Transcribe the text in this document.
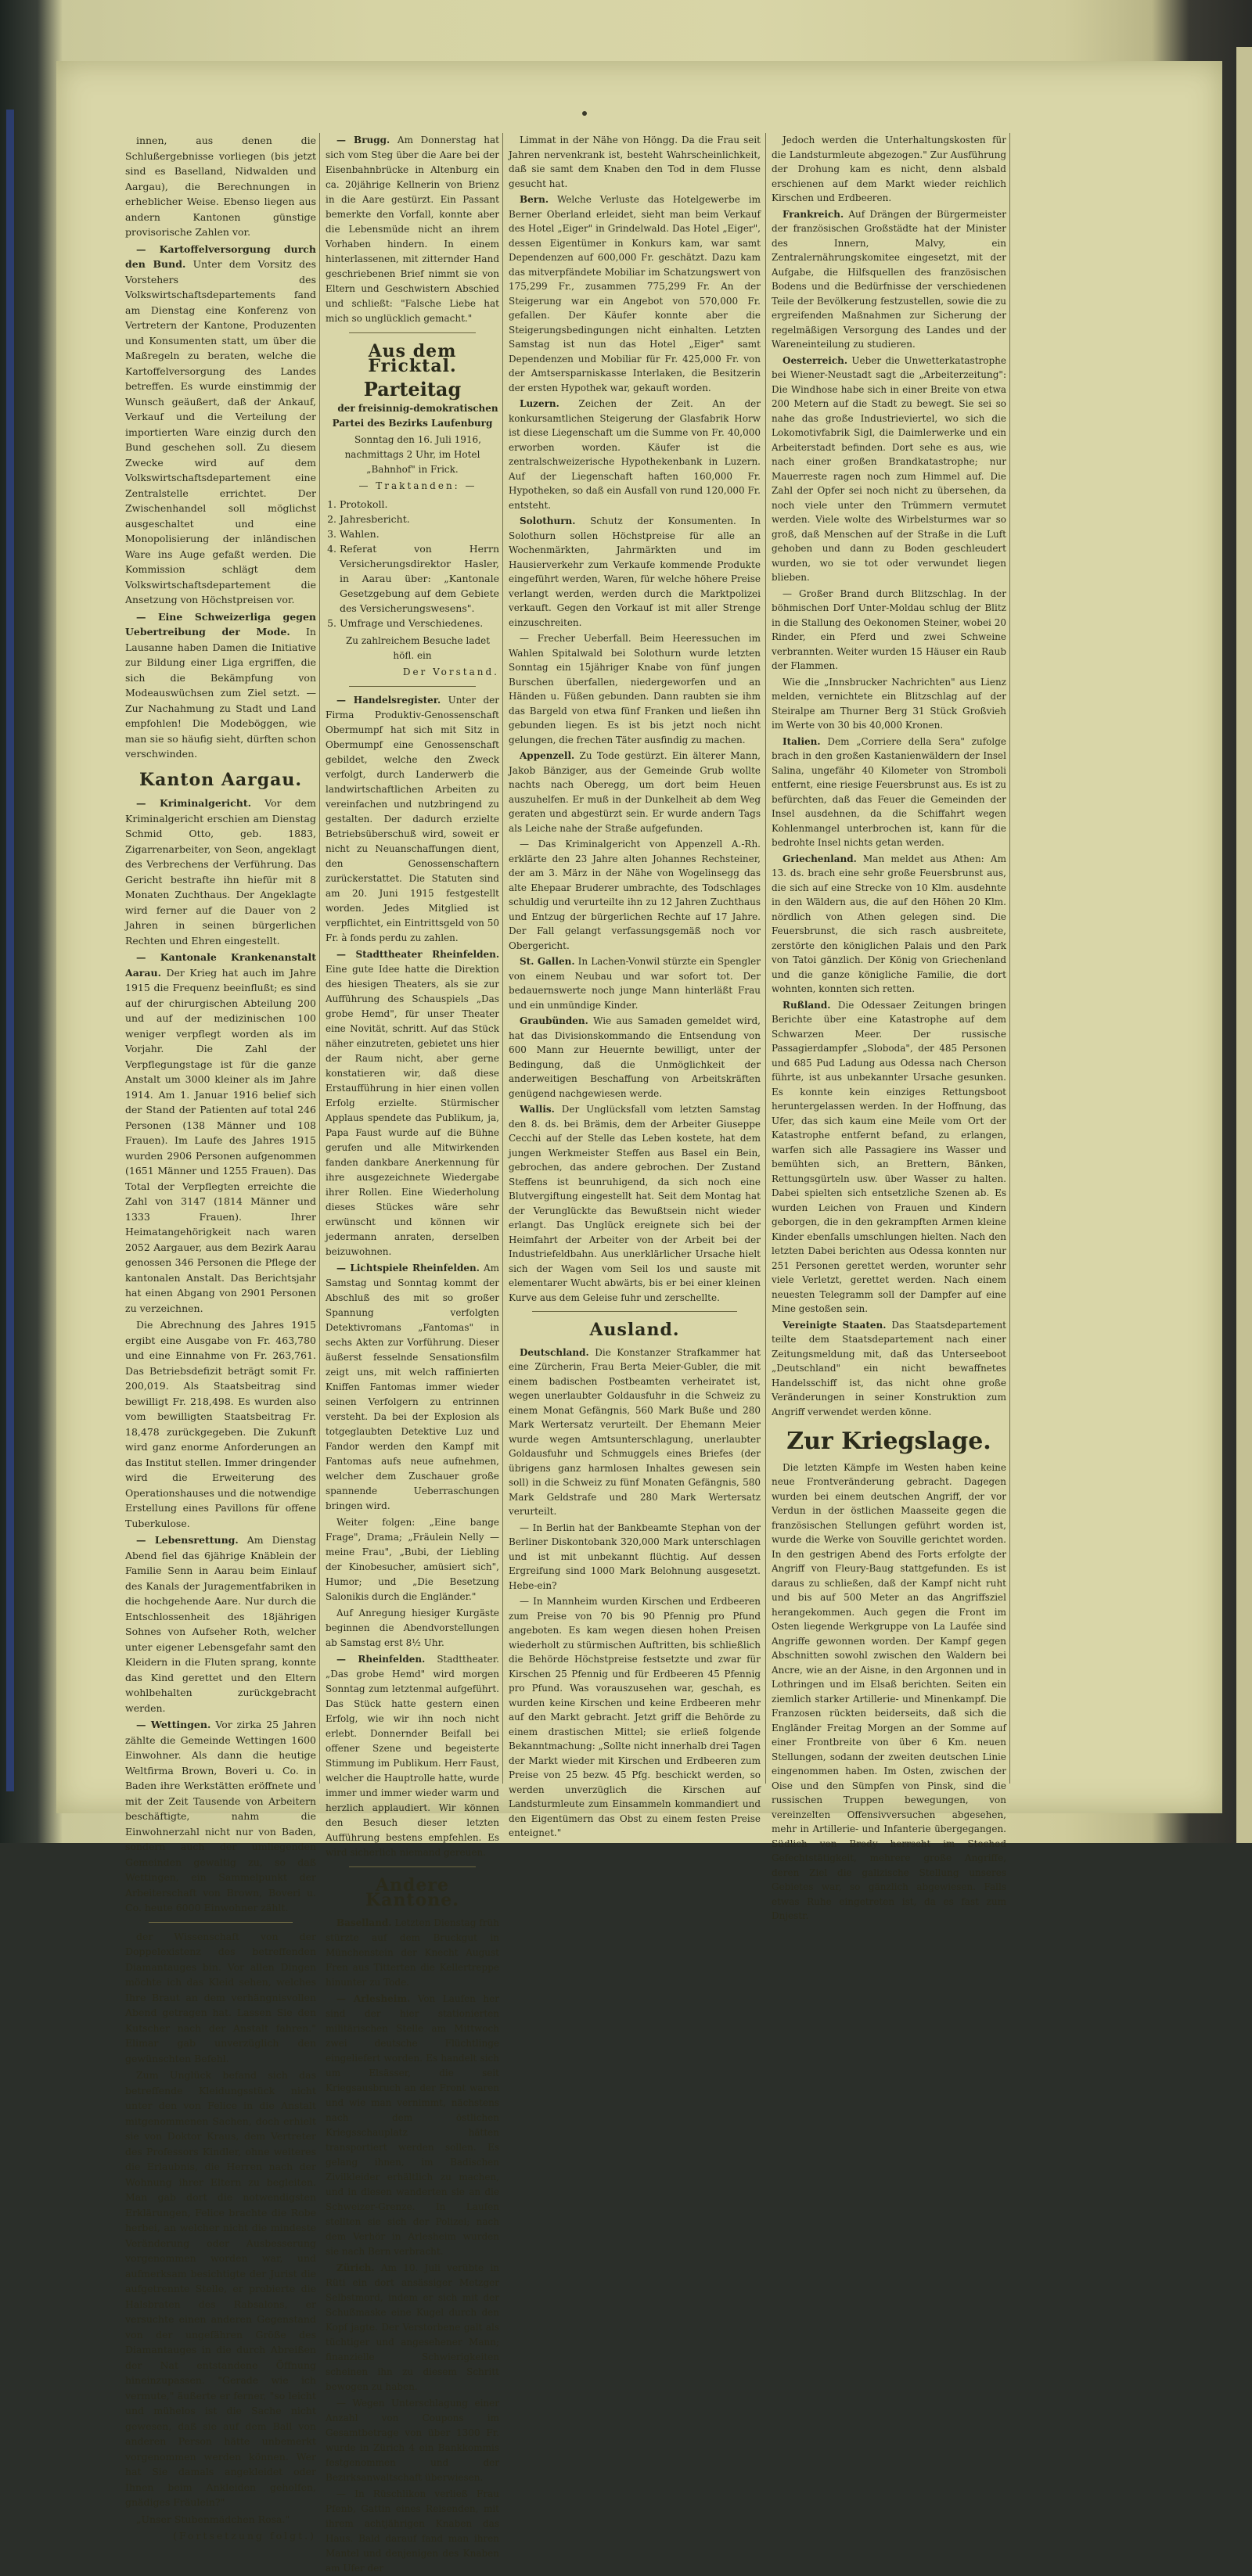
innen, aus denen die Schlußergebnisse vorliegen (bis jetzt sind es Baselland, Nidwalden und Aargau), die Berechnungen in erheblicher Weise. Ebenso liegen aus andern Kantonen günstige provisorische Zahlen vor.

— Kartoffelversorgung durch den Bund. Unter dem Vorsitz des Vorstehers des Volkswirtschaftsdepartements fand am Dienstag eine Konferenz von Vertretern der Kantone, Produzenten und Konsumenten statt, um über die Maßregeln zu beraten, welche die Kartoffelversorgung des Landes betreffen. Es wurde einstimmig der Wunsch geäußert, daß der Ankauf, Verkauf und die Verteilung der importierten Ware einzig durch den Bund geschehen soll. Zu diesem Zwecke wird auf dem Volkswirtschaftsdepartement eine Zentralstelle errichtet. Der Zwischenhandel soll möglichst ausgeschaltet und eine Monopolisierung der inländischen Ware ins Auge gefaßt werden. Die Kommission schlägt dem Volkswirtschaftsdepartement die Ansetzung von Höchstpreisen vor.

— Eine Schweizerliga gegen Uebertreibung der Mode. In Lausanne haben Damen die Initiative zur Bildung einer Liga ergriffen, die sich die Bekämpfung von Modeauswüchsen zum Ziel setzt. — Zur Nachahmung zu Stadt und Land empfohlen! Die Modeböggen, wie man sie so häufig sieht, dürften schon verschwinden.

Kanton Aargau.

— Kriminalgericht. Vor dem Kriminalgericht erschien am Dienstag Schmid Otto, geb. 1883, Zigarrenarbeiter, von Seon, angeklagt des Verbrechens der Verführung. Das Gericht bestrafte ihn hiefür mit 8 Monaten Zuchthaus. Der Angeklagte wird ferner auf die Dauer von 2 Jahren in seinen bürgerlichen Rechten und Ehren eingestellt.

— Kantonale Krankenanstalt Aarau. Der Krieg hat auch im Jahre 1915 die Frequenz beeinflußt; es sind auf der chirurgischen Abteilung 200 und auf der medizinischen 100 weniger verpflegt worden als im Vorjahr. Die Zahl der Verpflegungstage ist für die ganze Anstalt um 3000 kleiner als im Jahre 1914. Am 1. Januar 1916 belief sich der Stand der Patienten auf total 246 Personen (138 Männer und 108 Frauen). Im Laufe des Jahres 1915 wurden 2906 Personen aufgenommen (1651 Männer und 1255 Frauen). Das Total der Verpflegten erreichte die Zahl von 3147 (1814 Männer und 1333 Frauen). Ihrer Heimatangehörigkeit nach waren 2052 Aargauer, aus dem Bezirk Aarau genossen 346 Personen die Pflege der kantonalen Anstalt. Das Berichtsjahr hat einen Abgang von 2901 Personen zu verzeichnen.

Die Abrechnung des Jahres 1915 ergibt eine Ausgabe von Fr. 463,780 und eine Einnahme von Fr. 263,761. Das Betriebsdefizit beträgt somit Fr. 200,019. Als Staatsbeitrag sind bewilligt Fr. 218,498. Es wurden also vom bewilligten Staatsbeitrag Fr. 18,478 zurückgegeben. Die Zukunft wird ganz enorme Anforderungen an das Institut stellen. Immer dringender wird die Erweiterung des Operationshauses und die notwendige Erstellung eines Pavillons für offene Tuberkulose.

— Lebensrettung. Am Dienstag Abend fiel das 6jährige Knäblein der Familie Senn in Aarau beim Einlauf des Kanals der Juragementfabriken in die hochgehende Aare. Nur durch die Entschlossenheit des 18jährigen Sohnes von Aufseher Roth, welcher unter eigener Lebensgefahr samt den Kleidern in die Fluten sprang, konnte das Kind gerettet und den Eltern wohlbehalten zurückgebracht werden.

— Wettingen. Vor zirka 25 Jahren zählte die Gemeinde Wettingen 1600 Einwohner. Als dann die heutige Weltfirma Brown, Boveri u. Co. in Baden ihre Werkstätten eröffnete und mit der Zeit Tausende von Arbeitern beschäftigte, nahm die Einwohnerzahl nicht nur von Baden, sondern auch der umliegenden Gemeinden gewaltig zu, so daß Wettingen, ein Sammelpunkt der Arbeiterschaft von Brown, Boveri u. Co. heute 6000 Einwohner zählt.

der Wissenschaft von der Doppelexistenz des betreffenden Diamantauges bin. Vor allen Dingen möchte ich das Kleid sehen, welches Ihre Braut an dem verhängnisvollen Abend getragen hat. Lassen Sie den Kutscher nach der Anstalt fahren." Elimar gab unverzüglich den gewünschten Befehl.

Zum Unglück befand sich das betreffende Kleidungsstück nicht unter den von Felice in die Anstalt mitgenommenen Sachen, doch erhielt sie von Doktor Kraus, dem Vertreter des Professors Kindler, ohne weiteres die Erlaubnis, die Herren nach der Wohnung ihrer Eltern zu begleiten. Man gab dort die notwendigsten Erklärungen, Felice brachte die Robe herbei, an welcher nicht die mindeste Veränderung oder Ausbesserung vorgenommen worden war, und aufmerksam besichtigte der Jurist die aufgetrennte Stelle, er probierte die Halsbraten des Rabsalons, er versuchte einen anderen Gegenstand von der ungefähren Größe des Diamantauges in die durch Abreißen der Nat entstandene Öffnung hineinzupassen. "Gerade wie ich vermute," äußerte er ferner, "so leicht und mühelos ist die Sache nicht gewesen, daß sie auf dem Ball von anderen Person hätte unbemerkt vorgenommen werden können. Wer hat Sie damals angekleidet oder Ihnen beim Ankleiden geholfen, gnädiges Fräulein?"

„Unser Stubenmädchen Rosa."

(Fortsetzung folgt.)

— Brugg. Am Donnerstag hat sich vom Steg über die Aare bei der Eisenbahnbrücke in Altenburg ein ca. 20jährige Kellnerin von Brienz in die Aare gestürzt. Ein Passant bemerkte den Vorfall, konnte aber die Lebensmüde nicht an ihrem Vorhaben hindern. In einem hinterlassenen, mit zitternder Hand geschriebenen Brief nimmt sie von Eltern und Geschwistern Abschied und schließt: "Falsche Liebe hat mich so unglücklich gemacht."

Aus dem Fricktal.
Parteitag

der freisinnig-demokratischen Partei des Bezirks Laufenburg

Sonntag den 16. Juli 1916, nachmittags 2 Uhr, im Hotel „Bahnhof" in Frick.

— Traktanden: —

1. Protokoll.
2. Jahresbericht.
3. Wahlen.
4. Referat von Herrn Versicherungsdirektor Hasler, in Aarau über: „Kantonale Gesetzgebung auf dem Gebiete des Versicherungswesens".
5. Umfrage und Verschiedenes.

Zu zahlreichem Besuche ladet höfl. ein

Der Vorstand.

— Handelsregister. Unter der Firma Produktiv-Genossenschaft Obermumpf hat sich mit Sitz in Obermumpf eine Genossenschaft gebildet, welche den Zweck verfolgt, durch Landerwerb die landwirtschaftlichen Arbeiten zu vereinfachen und nutzbringend zu gestalten. Der dadurch erzielte Betriebsüberschuß wird, soweit er nicht zu Neuanschaffungen dient, den Genossenschaftern zurückerstattet. Die Statuten sind am 20. Juni 1915 festgestellt worden. Jedes Mitglied ist verpflichtet, ein Eintrittsgeld von 50 Fr. à fonds perdu zu zahlen.

— Stadttheater Rheinfelden. Eine gute Idee hatte die Direktion des hiesigen Theaters, als sie zur Aufführung des Schauspiels „Das grobe Hemd", für unser Theater eine Novität, schritt. Auf das Stück näher einzutreten, gebietet uns hier der Raum nicht, aber gerne konstatieren wir, daß diese Erstaufführung in hier einen vollen Erfolg erzielte. Stürmischer Applaus spendete das Publikum, ja, Papa Faust wurde auf die Bühne gerufen und alle Mitwirkenden fanden dankbare Anerkennung für ihre ausgezeichnete Wiedergabe ihrer Rollen. Eine Wiederholung dieses Stückes wäre sehr erwünscht und können wir jedermann anraten, derselben beizuwohnen.

— Lichtspiele Rheinfelden. Am Samstag und Sonntag kommt der Abschluß des mit so großer Spannung verfolgten Detektivromans „Fantomas" in sechs Akten zur Vorführung. Dieser äußerst fesselnde Sensationsfilm zeigt uns, mit welch raffinierten Kniffen Fantomas immer wieder seinen Verfolgern zu entrinnen versteht. Da bei der Explosion als totgeglaubten Detektive Luz und Fandor werden den Kampf mit Fantomas aufs neue aufnehmen, welcher dem Zuschauer große spannende Ueberraschungen bringen wird.

Weiter folgen: „Eine bange Frage", Drama; „Fräulein Nelly — meine Frau", „Bubi, der Liebling der Kinobesucher, amüsiert sich", Humor; und „Die Besetzung Salonikis durch die Engländer."

Auf Anregung hiesiger Kurgäste beginnen die Abendvorstellungen ab Samstag erst 8½ Uhr.

— Rheinfelden. Stadttheater. „Das grobe Hemd" wird morgen Sonntag zum letztenmal aufgeführt. Das Stück hatte gestern einen Erfolg, wie wir ihn noch nicht erlebt. Donnernder Beifall bei offener Szene und begeisterte Stimmung im Publikum. Herr Faust, welcher die Hauptrolle hatte, wurde immer und immer wieder warm und herzlich applaudiert. Wir können den Besuch dieser letzten Aufführung bestens empfehlen. Es wird sicherlich niemand gereuen.

Andere Kantone.

Baselland. Letzten Dienstag früh stürzte auf dem Bruckgut in Münchenstein der Knecht August Fren aus Titterten die Kellertreppe hinunter zu Tode.

— Arlesheim. Von Laufen her sind der hier stationierten militärischen Stelle am Mittwoch zwei deutsche Flüchtlinge eingeliefert worden. Es handelt sich um Elsässer, die seit Kriegsausbruch an der Front waren und wie man vernimmt, nächstens nach dem östlichen Kriegsschauplatz hätten transportiert werden sollen. Es gelang ihnen, im Badischen Zivilkleider erhältlich zu machen, und in diesen wanderten sie an die Schweizer-Grenze. In Laufen stellten sie sich der Polizei; nach dem Verhör in Arlesheim wurden sie nach Bern verbracht.

Zürich. Am 10. Juli verübte in Rüti ein dort ansässiger Metzger Selbstmord, indem er sich mit der Schußmaske eine Kugel durch den Kopf jagte. Der Verstorbene galt als tüchtiger und angesehener Mann; finanzielle Schwierigkeiten scheinen ihn zu diesem Schritt bewogen zu haben.

— Wegen Unterschlagung einer Anzahl von Coupons im Gesamtbetrage von über 1300 Fr. wurde in Zürich 4 ein Bankkommis festgenommen und der Bezirksanwaltschaft überwiesen.

— In Rüschlikon verließ Frau Pfenb, Gattin eines Reisenden, mit ihrem achtjährigen Knaben das Haus. Bald darauf fand man ihren Mantel und denjenigen des Knaben am Ufer der

Limmat in der Nähe von Höngg. Da die Frau seit Jahren nervenkrank ist, besteht Wahrscheinlichkeit, daß sie samt dem Knaben den Tod in dem Flusse gesucht hat.

Bern. Welche Verluste das Hotelgewerbe im Berner Oberland erleidet, sieht man beim Verkauf des Hotel „Eiger" in Grindelwald. Das Hotel „Eiger", dessen Eigentümer in Konkurs kam, war samt Dependenzen auf 600,000 Fr. geschätzt. Dazu kam das mitverpfändete Mobiliar im Schatzungswert von 175,299 Fr., zusammen 775,299 Fr. An der Steigerung war ein Angebot von 570,000 Fr. gefallen. Der Käufer konnte aber die Steigerungsbedingungen nicht einhalten. Letzten Samstag ist nun das Hotel „Eiger" samt Dependenzen und Mobiliar für Fr. 425,000 Fr. von der Amtsersparniskasse Interlaken, die Besitzerin der ersten Hypothek war, gekauft worden.

Luzern. Zeichen der Zeit. An der konkursamtlichen Steigerung der Glasfabrik Horw ist diese Liegenschaft um die Summe von Fr. 40,000 erworben worden. Käufer ist die zentralschweizerische Hypothekenbank in Luzern. Auf der Liegenschaft haften 160,000 Fr. Hypotheken, so daß ein Ausfall von rund 120,000 Fr. entsteht.

Solothurn. Schutz der Konsumenten. In Solothurn sollen Höchstpreise für alle an Wochenmärkten, Jahrmärkten und im Hausierverkehr zum Verkaufe kommende Produkte eingeführt werden, Waren, für welche höhere Preise verlangt werden, werden durch die Marktpolizei verkauft. Gegen den Vorkauf ist mit aller Strenge einzuschreiten.

— Frecher Ueberfall. Beim Heeressuchen im Wahlen Spitalwald bei Solothurn wurde letzten Sonntag ein 15jähriger Knabe von fünf jungen Burschen überfallen, niedergeworfen und an Händen u. Füßen gebunden. Dann raubten sie ihm das Bargeld von etwa fünf Franken und ließen ihn gebunden liegen. Es ist bis jetzt noch nicht gelungen, die frechen Täter ausfindig zu machen.

Appenzell. Zu Tode gestürzt. Ein älterer Mann, Jakob Bänziger, aus der Gemeinde Grub wollte nachts nach Oberegg, um dort beim Heuen auszuhelfen. Er muß in der Dunkelheit ab dem Weg geraten und abgestürzt sein. Er wurde andern Tags als Leiche nahe der Straße aufgefunden.

— Das Kriminalgericht von Appenzell A.-Rh. erklärte den 23 Jahre alten Johannes Rechsteiner, der am 3. März in der Nähe von Wogelinsegg das alte Ehepaar Bruderer umbrachte, des Todschlages schuldig und verurteilte ihn zu 12 Jahren Zuchthaus und Entzug der bürgerlichen Rechte auf 17 Jahre. Der Fall gelangt verfassungsgemäß noch vor Obergericht.

St. Gallen. In Lachen-Vonwil stürzte ein Spengler von einem Neubau und war sofort tot. Der bedauernswerte noch junge Mann hinterläßt Frau und ein unmündige Kinder.

Graubünden. Wie aus Samaden gemeldet wird, hat das Divisionskommando die Entsendung von 600 Mann zur Heuernte bewilligt, unter der Bedingung, daß die Unmöglichkeit der anderweitigen Beschaffung von Arbeitskräften genügend nachgewiesen werde.

Wallis. Der Unglücksfall vom letzten Samstag den 8. ds. bei Brämis, dem der Arbeiter Giuseppe Cecchi auf der Stelle das Leben kostete, hat dem jungen Werkmeister Steffen aus Basel ein Bein, gebrochen, das andere gebrochen. Der Zustand Steffens ist beunruhigend, da sich noch eine Blutvergiftung eingestellt hat. Seit dem Montag hat der Verunglückte das Bewußtsein nicht wieder erlangt. Das Unglück ereignete sich bei der Heimfahrt der Arbeiter von der Arbeit bei der Industriefeldbahn. Aus unerklärlicher Ursache hielt sich der Wagen vom Seil los und sauste mit elementarer Wucht abwärts, bis er bei einer kleinen Kurve aus dem Geleise fuhr und zerschellte.

Ausland.

Deutschland. Die Konstanzer Strafkammer hat eine Zürcherin, Frau Berta Meier-Gubler, die mit einem badischen Postbeamten verheiratet ist, wegen unerlaubter Goldausfuhr in die Schweiz zu einem Monat Gefängnis, 560 Mark Buße und 280 Mark Wertersatz verurteilt. Der Ehemann Meier wurde wegen Amtsunterschlagung, unerlaubter Goldausfuhr und Schmuggels eines Briefes (der übrigens ganz harmlosen Inhaltes gewesen sein soll) in die Schweiz zu fünf Monaten Gefängnis, 580 Mark Geldstrafe und 280 Mark Wertersatz verurteilt.

— In Berlin hat der Bankbeamte Stephan von der Berliner Diskontobank 320,000 Mark unterschlagen und ist mit unbekannt flüchtig. Auf dessen Ergreifung sind 1000 Mark Belohnung ausgesetzt. Hebe-ein?

— In Mannheim wurden Kirschen und Erdbeeren zum Preise von 70 bis 90 Pfennig pro Pfund angeboten. Es kam wegen diesen hohen Preisen wiederholt zu stürmischen Auftritten, bis schließlich die Behörde Höchstpreise festsetzte und zwar für Kirschen 25 Pfennig und für Erdbeeren 45 Pfennig pro Pfund. Was vorauszusehen war, geschah, es wurden keine Kirschen und keine Erdbeeren mehr auf den Markt gebracht. Jetzt griff die Behörde zu einem drastischen Mittel; sie erließ folgende Bekanntmachung: „Sollte nicht innerhalb drei Tagen der Markt wieder mit Kirschen und Erdbeeren zum Preise von 25 bezw. 45 Pfg. beschickt werden, so werden unverzüglich die Kirschen auf Landsturmleute zum Einsammeln kommandiert und den Eigentümern das Obst zu einem festen Preise enteignet."

Jedoch werden die Unterhaltungskosten für die Landsturmleute abgezogen." Zur Ausführung der Drohung kam es nicht, denn alsbald erschienen auf dem Markt wieder reichlich Kirschen und Erdbeeren.

Frankreich. Auf Drängen der Bürgermeister der französischen Großstädte hat der Minister des Innern, Malvy, ein Zentralernährungskomitee eingesetzt, mit der Aufgabe, die Hilfsquellen des französischen Bodens und die Bedürfnisse der verschiedenen Teile der Bevölkerung festzustellen, sowie die zu ergreifenden Maßnahmen zur Sicherung der regelmäßigen Versorgung des Landes und der Wareneinteilung zu studieren.

Oesterreich. Ueber die Unwetterkatastrophe bei Wiener-Neustadt sagt die „Arbeiterzeitung": Die Windhose habe sich in einer Breite von etwa 200 Metern auf die Stadt zu bewegt. Sie sei so nahe das große Industrieviertel, wo sich die Lokomotivfabrik Sigl, die Daimlerwerke und ein Arbeiterstadt befinden. Dort sehe es aus, wie nach einer großen Brandkatastrophe; nur Mauerreste ragen noch zum Himmel auf. Die Zahl der Opfer sei noch nicht zu übersehen, da noch viele unter den Trümmern vermutet werden. Viele wolte des Wirbelsturmes war so groß, daß Menschen auf der Straße in die Luft gehoben und dann zu Boden geschleudert wurden, wo sie tot oder verwundet liegen blieben.

— Großer Brand durch Blitzschlag. In der böhmischen Dorf Unter-Moldau schlug der Blitz in die Stallung des Oekonomen Steiner, wobei 20 Rinder, ein Pferd und zwei Schweine verbrannten. Weiter wurden 15 Häuser ein Raub der Flammen.

Wie die „Innsbrucker Nachrichten" aus Lienz melden, vernichtete ein Blitzschlag auf der Steiralpe am Thurner Berg 31 Stück Großvieh im Werte von 30 bis 40,000 Kronen.

Italien. Dem „Corriere della Sera" zufolge brach in den großen Kastanienwäldern der Insel Salina, ungefähr 40 Kilometer von Stromboli entfernt, eine riesige Feuersbrunst aus. Es ist zu befürchten, daß das Feuer die Gemeinden der Insel ausdehnen, da die Schiffahrt wegen Kohlenmangel unterbrochen ist, kann für die bedrohte Insel nichts getan werden.

Griechenland. Man meldet aus Athen: Am 13. ds. brach eine sehr große Feuersbrunst aus, die sich auf eine Strecke von 10 Klm. ausdehnte in den Wäldern aus, die auf den Höhen 20 Klm. nördlich von Athen gelegen sind. Die Feuersbrunst, die sich rasch ausbreitete, zerstörte den königlichen Palais und den Park von Tatoi gänzlich. Der König von Griechenland und die ganze königliche Familie, die dort wohnten, konnten sich retten.

Rußland. Die Odessaer Zeitungen bringen Berichte über eine Katastrophe auf dem Schwarzen Meer. Der russische Passagierdampfer „Sloboda", der 485 Personen und 685 Pud Ladung aus Odessa nach Cherson führte, ist aus unbekannter Ursache gesunken. Es konnte kein einziges Rettungsboot heruntergelassen werden. In der Hoffnung, das Ufer, das sich kaum eine Meile vom Ort der Katastrophe entfernt befand, zu erlangen, warfen sich alle Passagiere ins Wasser und bemühten sich, an Brettern, Bänken, Rettungsgürteln usw. über Wasser zu halten. Dabei spielten sich entsetzliche Szenen ab. Es wurden Leichen von Frauen und Kindern geborgen, die in den gekrampften Armen kleine Kinder ebenfalls umschlungen hielten. Nach den letzten Dabei berichten aus Odessa konnten nur 251 Personen gerettet werden, worunter sehr viele Verletzt, gerettet werden. Nach einem neuesten Telegramm soll der Dampfer auf eine Mine gestoßen sein.

Vereinigte Staaten. Das Staatsdepartement teilte dem Staatsdepartement nach einer Zeitungsmeldung mit, daß das Unterseeboot „Deutschland" ein nicht bewaffnetes Handelsschiff ist, das nicht ohne große Veränderungen in seiner Konstruktion zum Angriff verwendet werden könne.

Zur Kriegslage.

Die letzten Kämpfe im Westen haben keine neue Frontveränderung gebracht. Dagegen wurden bei einem deutschen Angriff, der vor Verdun in der östlichen Maasseite gegen die französischen Stellungen geführt worden ist, wurde die Werke von Souville gerichtet worden. In den gestrigen Abend des Forts erfolgte der Angriff von Fleury-Baug stattgefunden. Es ist daraus zu schließen, daß der Kampf nicht ruht und bis auf 500 Meter an das Angriffsziel herangekommen. Auch gegen die Front im Osten liegende Werkgruppe von La Laufée sind Angriffe gewonnen worden. Der Kampf gegen Abschnitten sowohl zwischen den Waldern bei Ancre, wie an der Aisne, in den Argonnen und in Lothringen und im Elsaß berichten. Seiten ein ziemlich starker Artillerie- und Minenkampf. Die Franzosen rückten beiderseits, daß sich die Engländer Freitag Morgen an der Somme auf einer Frontbreite von über 6 Km. neuen Stellungen, sodann der zweiten deutschen Linie eingenommen haben. Im Osten, zwischen der Oise und den Sümpfen von Pinsk, sind die russischen Truppen bewegungen, von vereinzelten Offensivversuchen abgesehen, mehr in Artillerie- und Infanterie übergegangen. Südlich von Brody herrscht im Stochod Gefechtstätigkeit, mehrere große Angriffe, deren Ziel die galizische Stellung unseres Gebietes war, so gänzlich abgewiesen. Falls etwas Ruhe eingetreten ist, da es fast zum Dnjestr.
